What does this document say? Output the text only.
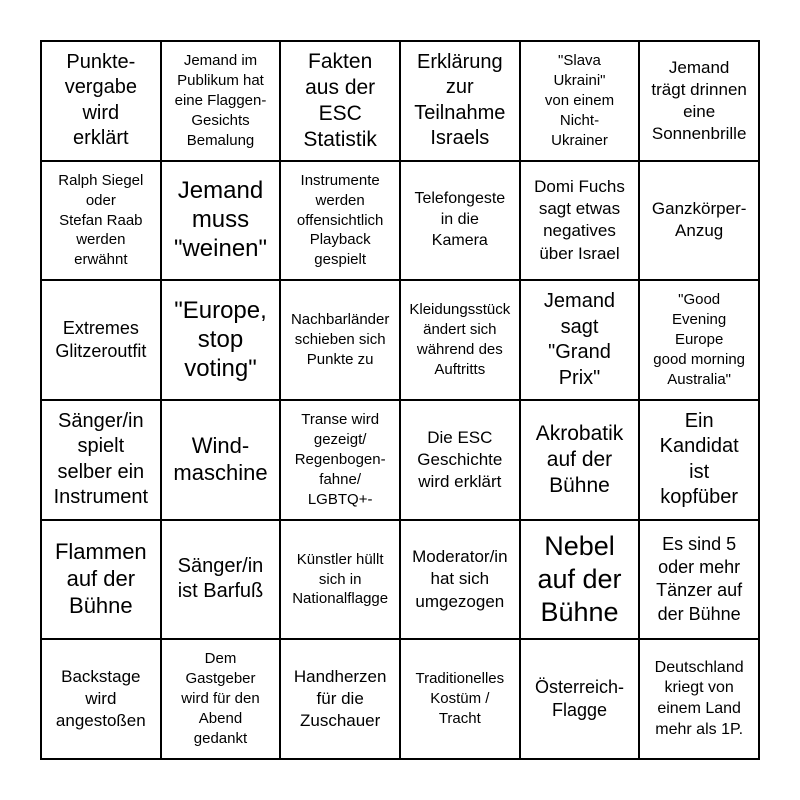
Punkte-
vergabe
wird
erklärt
Jemand im
Publikum hat
eine Flaggen-
Gesichts
Bemalung
Fakten
aus der
ESC
Statistik
Erklärung
zur
Teilnahme
Israels
"Slava
Ukraini"
von einem
Nicht-
Ukrainer
Jemand
trägt drinnen
eine
Sonnenbrille
Ralph Siegel
oder
Stefan Raab
werden
erwähnt
Jemand
muss
"weinen"
Instrumente
werden
offensichtlich
Playback
gespielt
Telefongeste
in die
Kamera
Domi Fuchs
sagt etwas
negatives
über Israel
Ganzkörper-
Anzug
Extremes
Glitzeroutfit
"Europe,
stop
voting"
Nachbarländer
schieben sich
Punkte zu
Kleidungsstück
ändert sich
während des
Auftritts
Jemand
sagt
"Grand
Prix"
"Good
Evening
Europe
good morning
Australia"
Sänger/in
spielt
selber ein
Instrument
Wind-
maschine
Transe wird
gezeigt/
Regenbogen-
fahne/
LGBTQ+-
Die ESC
Geschichte
wird erklärt
Akrobatik
auf der
Bühne
Ein
Kandidat
ist
kopfüber
Flammen
auf der
Bühne
Sänger/in
ist Barfuß
Künstler hüllt
sich in
Nationalflagge
Moderator/in
hat sich
umgezogen
Nebel
auf der
Bühne
Es sind 5
oder mehr
Tänzer auf
der Bühne
Backstage
wird
angestoßen
Dem
Gastgeber
wird für den
Abend
gedankt
Handherzen
für die
Zuschauer
Traditionelles
Kostüm /
Tracht
Österreich-
Flagge
Deutschland
kriegt von
einem Land
mehr als 1P.
